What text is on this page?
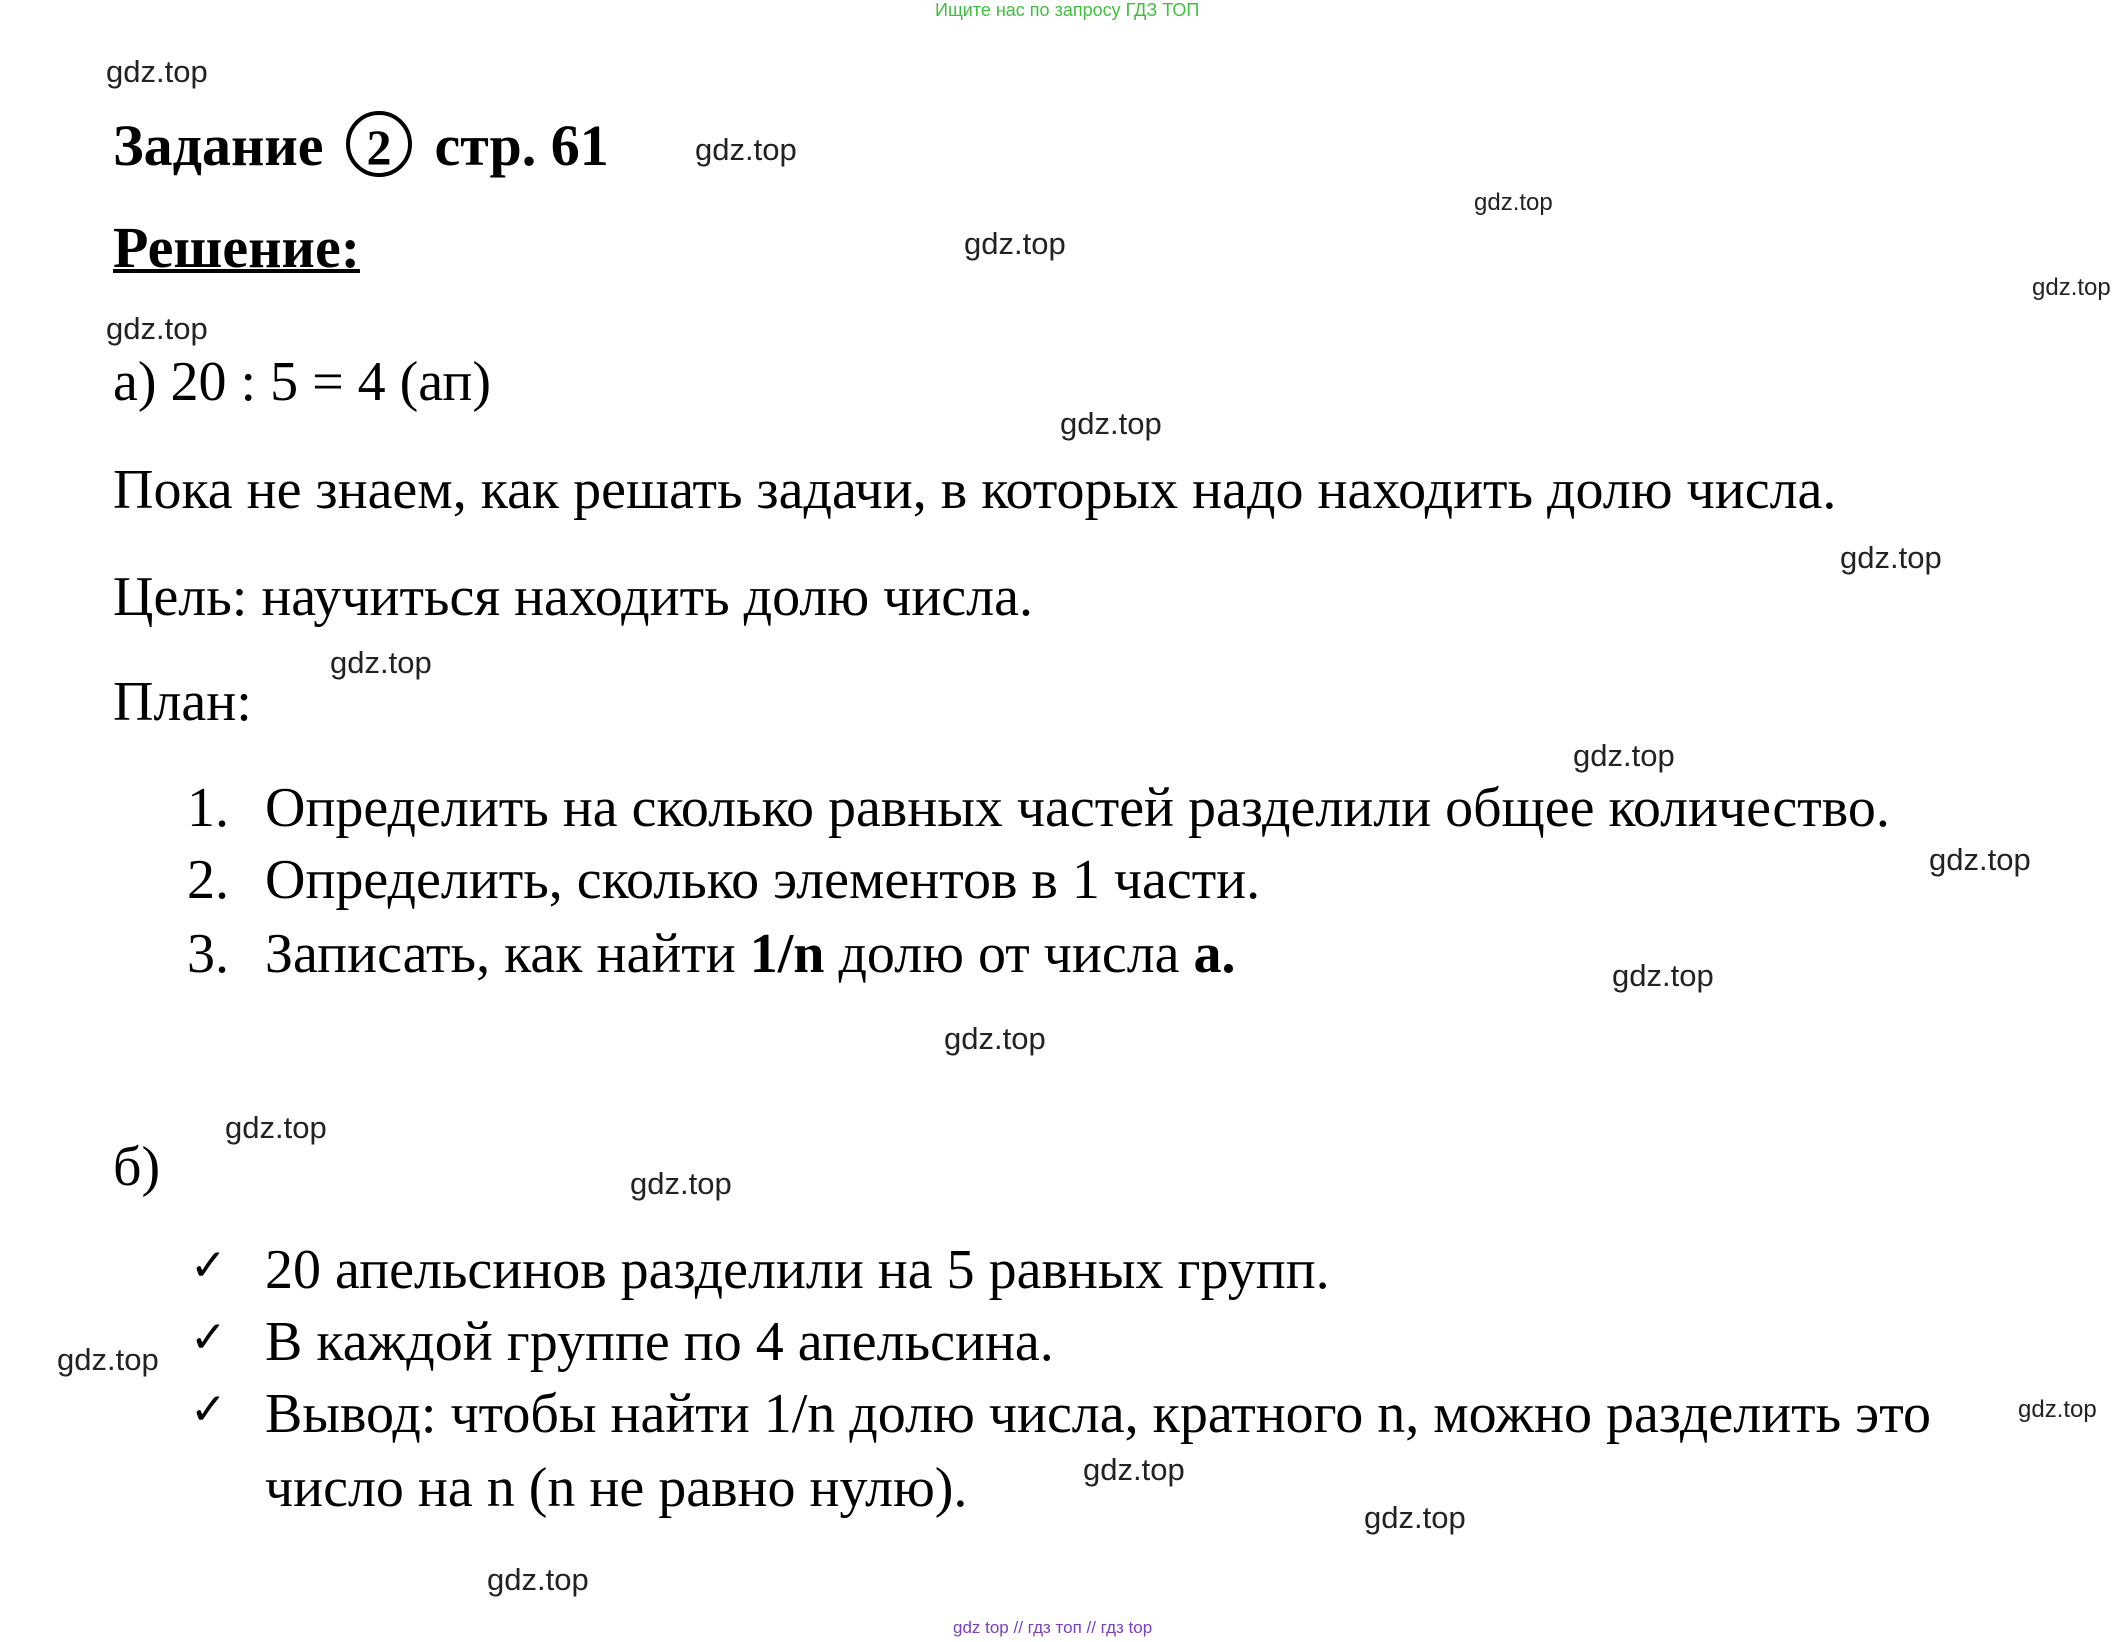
Ищите нас по запросу ГДЗ ТОП
gdz.top
gdz.top
gdz.top
gdz.top
gdz.top
gdz.top
gdz.top
gdz.top
gdz.top
gdz.top
gdz.top
gdz.top
gdz.top
gdz.top
gdz.top
gdz.top
gdz.top
gdz.top
gdz.top
gdz.top
Задание 2 стр. 61
Решение:
а) 20 : 5 = 4 (ап)
Пока не знаем, как решать задачи, в которых надо находить долю числа.
Цель: научиться находить долю числа.
План:
1. Определить на сколько равных частей разделили общее количество.
2. Определить, сколько элементов в 1 части.
3. Записать, как найти 1/n долю от числа а.
б)
✓ 20 апельсинов разделили на 5 равных групп.
✓ В каждой группе по 4 апельсина.
✓ Вывод: чтобы найти 1/n долю числа, кратного n, можно разделить это
число на n (n не равно нулю).
gdz top // гдз топ // гдз top
